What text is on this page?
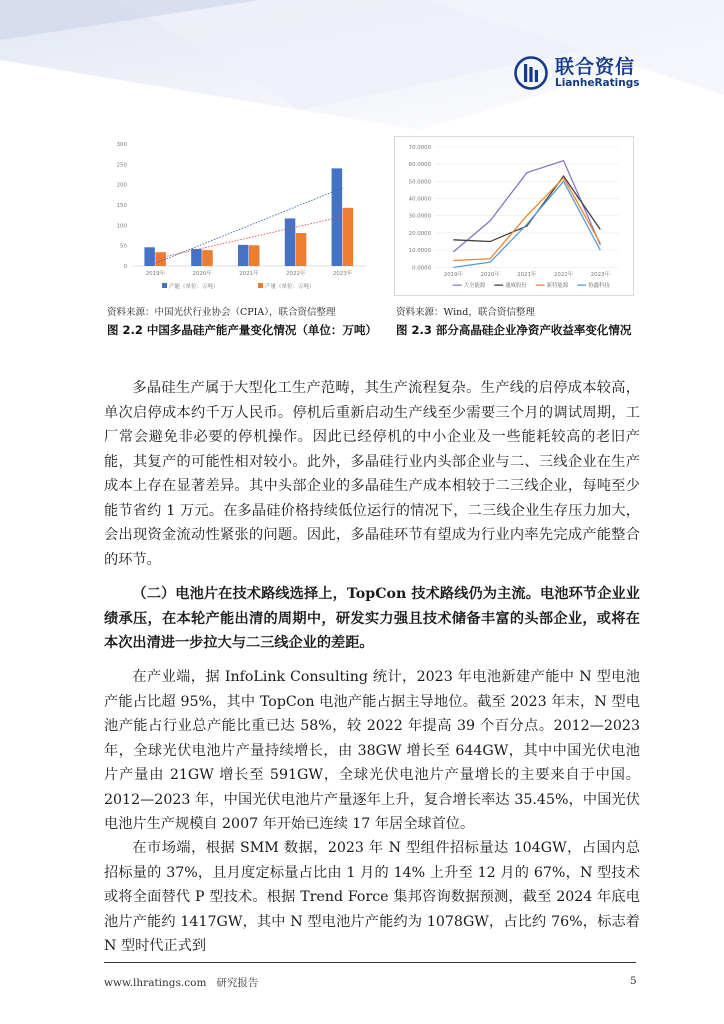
联合资信
LianheRatings
0
50
100
150
200
250
300
2019年	2020年	2021年	2022年	2023年
产能（单位：万吨）	产量（单位：万吨）
资料来源：中国光伏行业协会（CPIA），联合资信整理
图 2.2 中国多晶硅产能产量变化情况（单位：万吨）
0.0000
10.0000
20.0000
30.0000
40.0000
50.0000
60.0000
70.0000
2019年	2020年	2021年	2022年	2023年
大全能源	通威股份	新特能源	协鑫科技
资料来源：Wind，联合资信整理
图 2.3 部分高晶硅企业净资产收益率变化情况
多晶硅生产属于大型化工生产范畴，其生产流程复杂。生产线的启停成本较高，单次启停成本约千万人民币。停机后重新启动生产线至少需要三个月的调试周期，工厂常会避免非必要的停机操作。因此已经停机的中小企业及一些能耗较高的老旧产能，其复产的可能性相对较小。此外，多晶硅行业内头部企业与二、三线企业在生产成本上存在显著差异。其中头部企业的多晶硅生产成本相较于二三线企业，每吨至少能节省约 1 万元。在多晶硅价格持续低位运行的情况下，二三线企业生存压力加大，会出现资金流动性紧张的问题。因此，多晶硅环节有望成为行业内率先完成产能整合的环节。
（二）电池片在技术路线选择上，TopCon 技术路线仍为主流。电池环节企业业绩承压，在本轮产能出清的周期中，研发实力强且技术储备丰富的头部企业，或将在本次出清进一步拉大与二三线企业的差距。
在产业端，据 InfoLink Consulting 统计，2023 年电池新建产能中 N 型电池产能占比超 95%，其中 TopCon 电池产能占据主导地位。截至 2023 年末，N 型电池产能占行业总产能比重已达 58%，较 2022 年提高 39 个百分点。2012—2023 年，全球光伏电池片产量持续增长，由 38GW 增长至 644GW，其中中国光伏电池片产量由 21GW 增长至 591GW，全球光伏电池片产量增长的主要来自于中国。2012—2023 年，中国光伏电池片产量逐年上升，复合增长率达 35.45%，中国光伏电池片生产规模自 2007 年开始已连续 17 年居全球首位。
在市场端，根据 SMM 数据，2023 年 N 型组件招标量达 104GW，占国内总招标量的 37%，且月度定标量占比由 1 月的 14% 上升至 12 月的 67%，N 型技术或将全面替代 P 型技术。根据 Trend Force 集邦咨询数据预测，截至 2024 年底电池片产能约 1417GW，其中 N 型电池片产能约为 1078GW，占比约 76%，标志着 N 型时代正式到
www.lhratings.com 研究报告	5
